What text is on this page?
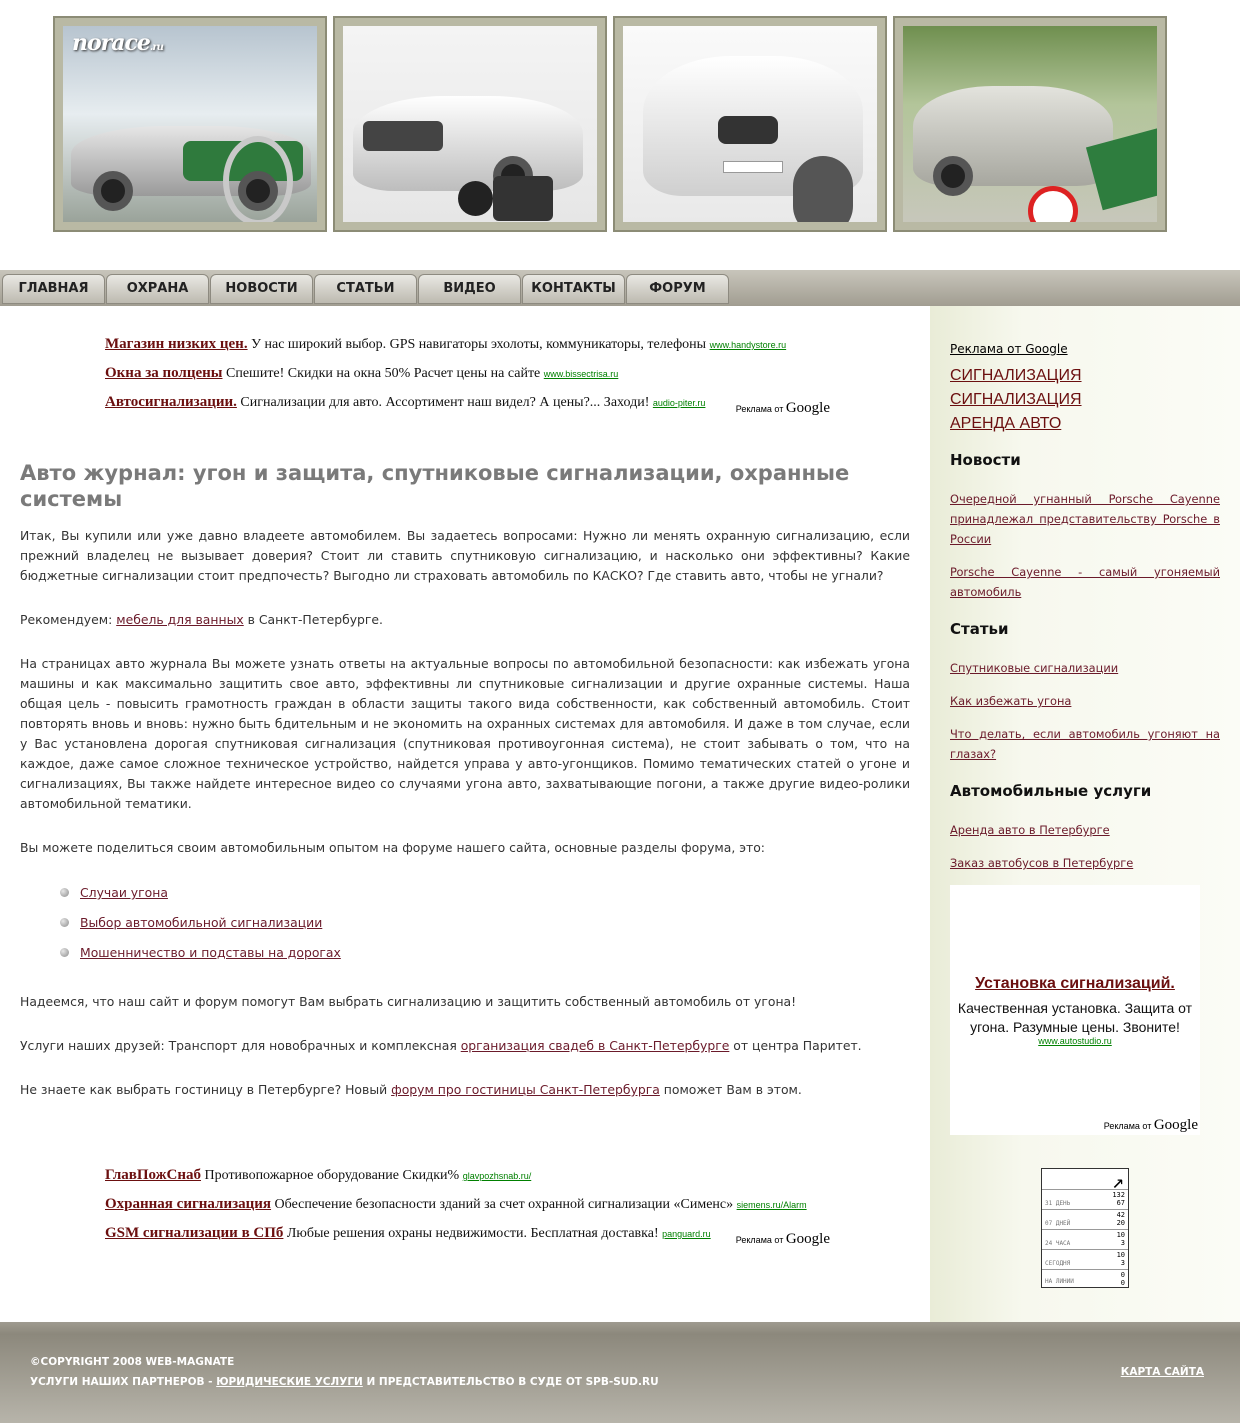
norace.ru
ГЛАВНАЯ	ОХРАНА	НОВОСТИ	СТАТЬИ	ВИДЕО	КОНТАКТЫ	ФОРУМ
Магазин низких цен. У нас широкий выбор. GPS навигаторы эхолоты, коммуникаторы, телефоны www.handystore.ru
Окна за полцены Спешите! Скидки на окна 50% Расчет цены на сайте www.bissectrisa.ru
Автосигнализации. Сигнализации для авто. Ассортимент наш видел? А цены?... Заходи! audio-piter.ru
Реклама от Google
Авто журнал: угон и защита, спутниковые сигнализации, охранные системы

Итак, Вы купили или уже давно владеете автомобилем. Вы задаетесь вопросами: Нужно ли менять охранную сигнализацию, если прежний владелец не вызывает доверия? Стоит ли ставить спутниковую сигнализацию, и насколько они эффективны? Какие бюджетные сигнализации стоит предпочесть? Выгодно ли страховать автомобиль по КАСКО? Где ставить авто, чтобы не угнали?

Рекомендуем: мебель для ванных в Санкт-Петербурге.

На страницах авто журнала Вы можете узнать ответы на актуальные вопросы по автомобильной безопасности: как избежать угона машины и как максимально защитить свое авто, эффективны ли спутниковые сигнализации и другие охранные системы. Наша общая цель - повысить грамотность граждан в области защиты такого вида собственности, как собственный автомобиль. Стоит повторять вновь и вновь: нужно быть бдительным и не экономить на охранных системах для автомобиля. И даже в том случае, если у Вас установлена дорогая спутниковая сигнализация (спутниковая противоугонная система), не стоит забывать о том, что на каждое, даже самое сложное техническое устройство, найдется управа у авто-угонщиков. Помимо тематических статей о угоне и сигнализациях, Вы также найдете интересное видео со случаями угона авто, захватывающие погони, а также другие видео-ролики автомобильной тематики.

Вы можете поделиться своим автомобильным опытом на форуме нашего сайта, основные разделы форума, это:

Случаи угона
Выбор автомобильной сигнализации
Мошенничество и подставы на дорогах

Надеемся, что наш сайт и форум помогут Вам выбрать сигнализацию и защитить собственный автомобиль от угона!

Услуги наших друзей: Транспорт для новобрачных и комплексная организация свадеб в Санкт-Петербурге от центра Паритет.

Не знаете как выбрать гостиницу в Петербурге? Новый форум про гостиницы Санкт-Петербурга поможет Вам в этом.

ГлавПожСнаб Противопожарное оборудование Скидки% glavpozhsnab.ru/
Охранная сигнализация Обеспечение безопасности зданий за счет охранной сигнализации «Сименс» siemens.ru/Alarm
GSM сигнализации в СПб Любые решения охраны недвижимости. Бесплатная доставка! panguard.ru
Реклама от Google
Реклама от Google
СИГНАЛИЗАЦИЯ
СИГНАЛИЗАЦИЯ
АРЕНДА АВТО
Новости
Очередной угнанный Porsche Cayenne принадлежал представительству Porsche в России
Porsche Cayenne - самый угоняемый автомобиль
Статьи
Спутниковые сигнализации
Как избежать угона
Что делать, если автомобиль угоняют на глазах?
Автомобильные услуги
Аренда авто в Петербурге
Заказ автобусов в Петербурге
Установка сигнализаций.
Качественная установка. Защита от угона. Разумные цены. Звоните!
www.autostudio.ru
Реклама от Google
↗
31 ДЕНЬ
132
67
07 ДНЕЙ
42
20
24 ЧАСА
10
3
СЕГОДНЯ
10
3
НА ЛИНИИ
0
0
©COPYRIGHT 2008 WEB-MAGNATE
УСЛУГИ НАШИХ ПАРТНЕРОВ - ЮРИДИЧЕСКИЕ УСЛУГИ И ПРЕДСТАВИТЕЛЬСТВО В СУДЕ ОТ SPB-SUD.RU
КАРТА САЙТА
